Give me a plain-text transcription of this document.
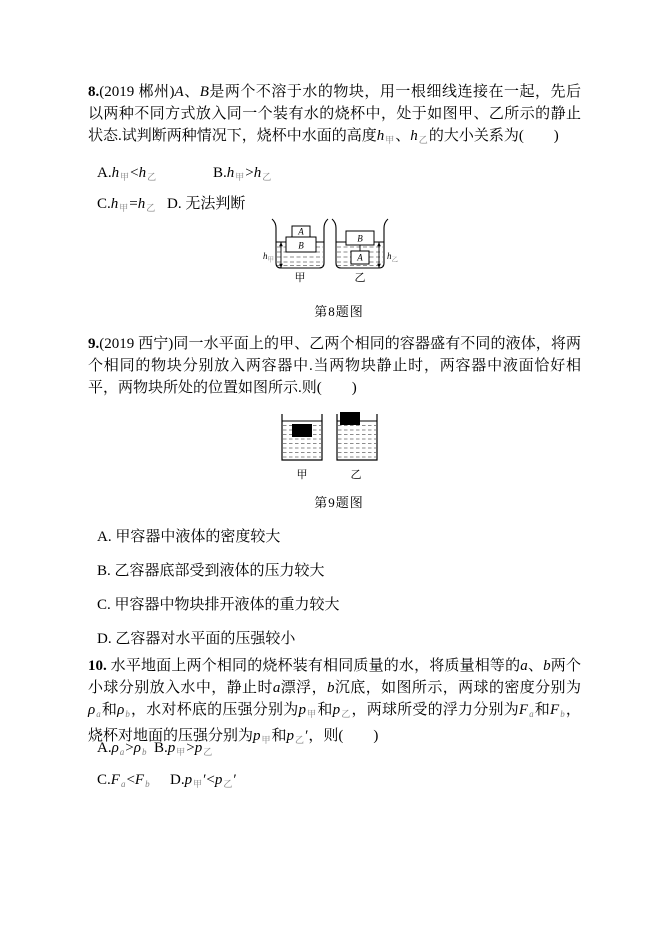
8.(2019 郴州)A、B是两个不溶于水的物块，用一根细线连接在一起，先后以两种不同方式放入同一个装有水的烧杯中，处于如图甲、乙所示的静止状态.试判断两种情况下，烧杯中水面的高度$h_甲$、$h_乙$的大小关系为(　　)
$A.h_甲<h_乙$	$B.h_甲>h_乙$
$C.h_甲=h_乙$ D. 无法判断
h甲
B
A
甲
B
A	h乙
乙
第8题图
9.(2019 西宁)同一水平面上的甲、乙两个相同的容器盛有不同的液体，将两个相同的物块分别放入两容器中.当两物块静止时，两容器中液面恰好相平，两物块所处的位置如图所示.则(　　)
甲	乙
第9题图
A. 甲容器中液体的密度较大
B. 乙容器底部受到液体的压力较大
C. 甲容器中物块排开液体的重力较大
D. 乙容器对水平面的压强较小
10. 水平地面上两个相同的烧杯装有相同质量的水，将质量相等的a、b两个小球分别放入水中，静止时a漂浮，b沉底，如图所示，两球的密度分别为$\rho_a$和$\rho_b$，水对杯底的压强分别为$p_甲$和$p_乙$，两球所受的浮力分别为$F_a$和$F_b$，烧杯对地面的压强分别为$p_甲$和$p_乙'$，则(　　)
$A.\rho_a>\rho_b$ $B.p_甲>p_乙$
$C.F_a<F_b$ $D.p_甲'<p_乙'$
